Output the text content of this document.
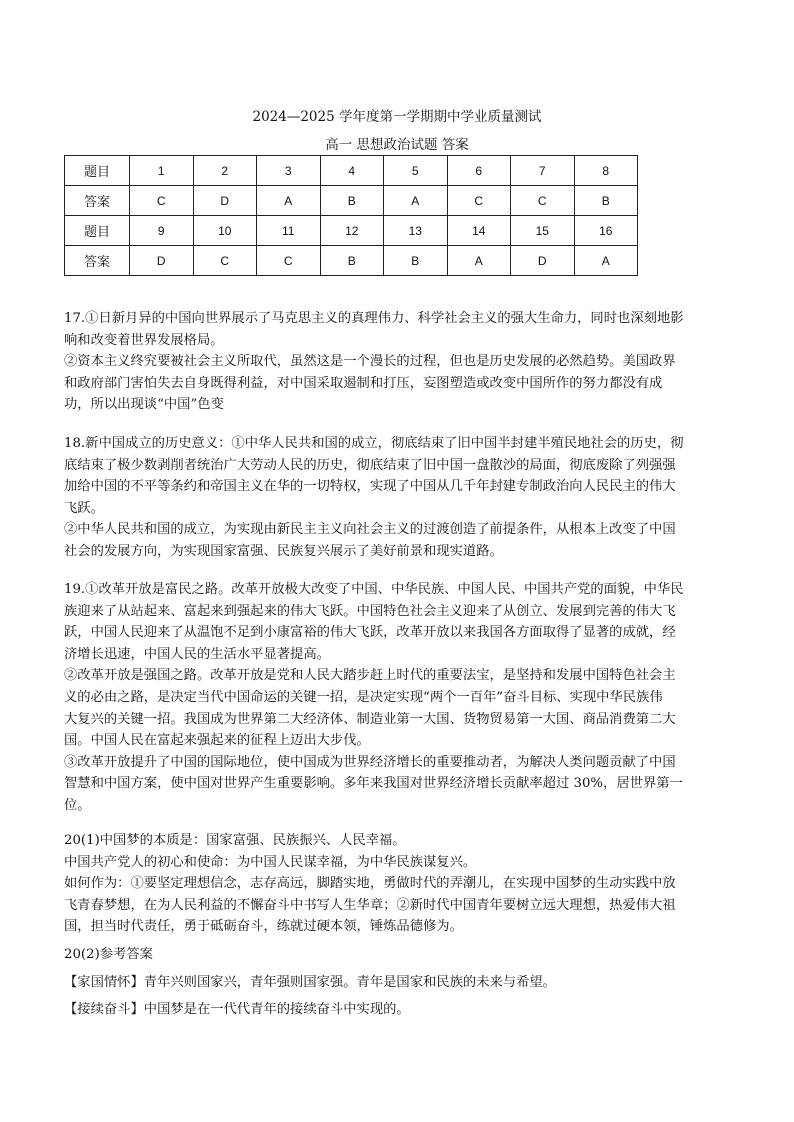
2024—2025 学年度第一学期期中学业质量测试
高一 思想政治试题 答案
题目	1	2	3	4	5	6	7	8
答案	C	D	A	B	A	C	C	B
题目	9	10	11	12	13	14	15	16
答案	D	C	C	B	B	A	D	A

17.①日新月异的中国向世界展示了马克思主义的真理伟力、科学社会主义的强大生命力，同时也深刻地影

响和改变着世界发展格局。

②资本主义终究要被社会主义所取代，虽然这是一个漫长的过程，但也是历史发展的必然趋势。美国政界

和政府部门害怕失去自身既得利益，对中国采取遏制和打压，妄图塑造或改变中国所作的努力都没有成

功，所以出现谈“中国”色变

18.新中国成立的历史意义：①中华人民共和国的成立，彻底结束了旧中国半封建半殖民地社会的历史，彻

底结束了极少数剥削者统治广大劳动人民的历史，彻底结束了旧中国一盘散沙的局面，彻底废除了列强强

加给中国的不平等条约和帝国主义在华的一切特权，实现了中国从几千年封建专制政治向人民民主的伟大

飞跃。

②中华人民共和国的成立，为实现由新民主主义向社会主义的过渡创造了前提条件，从根本上改变了中国

社会的发展方向，为实现国家富强、民族复兴展示了美好前景和现实道路。

19.①改革开放是富民之路。改革开放极大改变了中国、中华民族、中国人民、中国共产党的面貌，中华民

族迎来了从站起来、富起来到强起来的伟大飞跃。中国特色社会主义迎来了从创立、发展到完善的伟大飞

跃，中国人民迎来了从温饱不足到小康富裕的伟大飞跃，改革开放以来我国各方面取得了显著的成就，经

济增长迅速，中国人民的生活水平显著提高。

②改革开放是强国之路。改革开放是党和人民大踏步赶上时代的重要法宝，是坚持和发展中国特色社会主

义的必由之路，是决定当代中国命运的关键一招，是决定实现“两个一百年”奋斗目标、实现中华民族伟

大复兴的关键一招。我国成为世界第二大经济体、制造业第一大国、货物贸易第一大国、商品消费第二大

国。中国人民在富起来强起来的征程上迈出大步伐。

③改革开放提升了中国的国际地位，使中国成为世界经济增长的重要推动者，为解决人类问题贡献了中国

智慧和中国方案，使中国对世界产生重要影响。多年来我国对世界经济增长贡献率超过 30%，居世界第一

位。

20(1)中国梦的本质是：国家富强、民族振兴、人民幸福。

中国共产党人的初心和使命：为中国人民谋幸福，为中华民族谋复兴。

如何作为：①要坚定理想信念，志存高远，脚踏实地，勇做时代的弄潮儿，在实现中国梦的生动实践中放

飞青春梦想，在为人民利益的不懈奋斗中书写人生华章；②新时代中国青年要树立远大理想，热爱伟大祖

国，担当时代责任，勇于砥砺奋斗，练就过硬本领，锤炼品德修为。

20(2)参考答案

【家国情怀】青年兴则国家兴，青年强则国家强。青年是国家和民族的未来与希望。

【接续奋斗】中国梦是在一代代青年的接续奋斗中实现的。
